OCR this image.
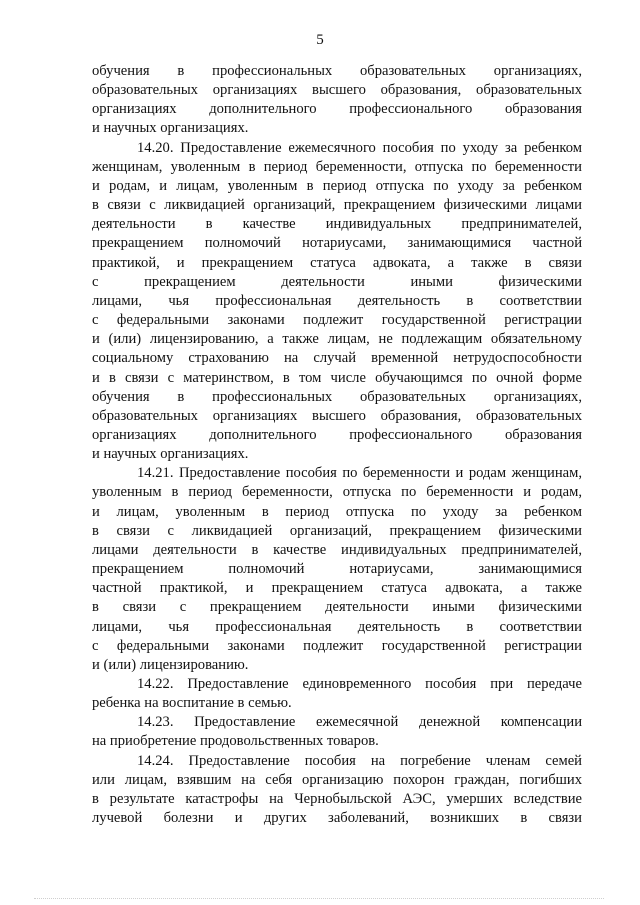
5
обучения в профессиональных образовательных организациях,
образовательных организациях высшего образования, образовательных
организациях дополнительного профессионального образования
и научных организациях.
14.20. Предоставление ежемесячного пособия по уходу за ребенком
женщинам, уволенным в период беременности, отпуска по беременности
и родам, и лицам, уволенным в период отпуска по уходу за ребенком
в связи с ликвидацией организаций, прекращением физическими лицами
деятельности в качестве индивидуальных предпринимателей,
прекращением полномочий нотариусами, занимающимися частной
практикой, и прекращением статуса адвоката, а также в связи
с прекращением деятельности иными физическими
лицами, чья профессиональная деятельность в соответствии
с федеральными законами подлежит государственной регистрации
и (или) лицензированию, а также лицам, не подлежащим обязательному
социальному страхованию на случай временной нетрудоспособности
и в связи с материнством, в том числе обучающимся по очной форме
обучения в профессиональных образовательных организациях,
образовательных организациях высшего образования, образовательных
организациях дополнительного профессионального образования
и научных организациях.
14.21. Предоставление пособия по беременности и родам женщинам,
уволенным в период беременности, отпуска по беременности и родам,
и лицам, уволенным в период отпуска по уходу за ребенком
в связи с ликвидацией организаций, прекращением физическими
лицами деятельности в качестве индивидуальных предпринимателей,
прекращением полномочий нотариусами, занимающимися
частной практикой, и прекращением статуса адвоката, а также
в связи с прекращением деятельности иными физическими
лицами, чья профессиональная деятельность в соответствии
с федеральными законами подлежит государственной регистрации
и (или) лицензированию.
14.22. Предоставление единовременного пособия при передаче
ребенка на воспитание в семью.
14.23. Предоставление ежемесячной денежной компенсации
на приобретение продовольственных товаров.
14.24. Предоставление пособия на погребение членам семей
или лицам, взявшим на себя организацию похорон граждан, погибших
в результате катастрофы на Чернобыльской АЭС, умерших вследствие
лучевой болезни и других заболеваний, возникших в связи
